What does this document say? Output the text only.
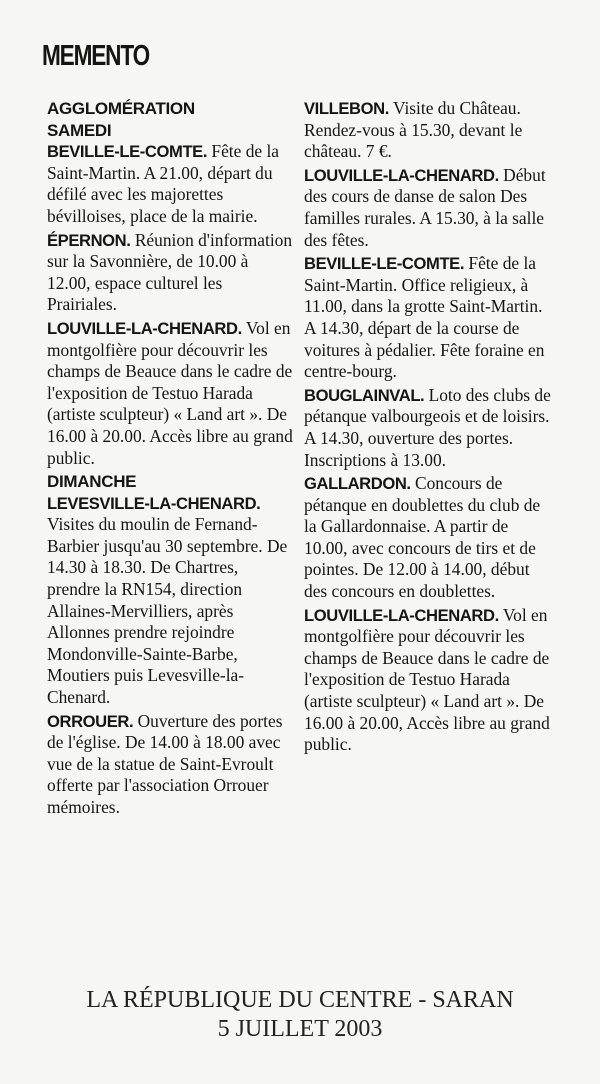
MEMENTO
AGGLOMÉRATION
SAMEDI
BEVILLE-LE-COMTE. Fête de la Saint-Martin. A 21.00, départ du défilé avec les majorettes bévilloises, place de la mairie.
ÉPERNON. Réunion d'information sur la Savonnière, de 10.00 à 12.00, espace culturel les Prairiales.
LOUVILLE-LA-CHENARD. Vol en montgolfière pour découvrir les champs de Beauce dans le cadre de l'exposition de Testuo Harada (artiste sculpteur) « Land art ». De 16.00 à 20.00. Accès libre au grand public.
DIMANCHE
LEVESVILLE-LA-CHENARD. Visites du moulin de Fernand-Barbier jusqu'au 30 septembre. De 14.30 à 18.30. De Chartres, prendre la RN154, direction Allaines-Mervilliers, après Allonnes prendre rejoindre Mondonville-Sainte-Barbe, Moutiers puis Levesville-la-Chenard.
ORROUER. Ouverture des portes de l'église. De 14.00 à 18.00 avec vue de la statue de Saint-Evroult offerte par l'association Orrouer mémoires.
VILLEBON. Visite du Château. Rendez-vous à 15.30, devant le château. 7 €.
LOUVILLE-LA-CHENARD. Début des cours de danse de salon Des familles rurales. A 15.30, à la salle des fêtes.
BEVILLE-LE-COMTE. Fête de la Saint-Martin. Office religieux, à 11.00, dans la grotte Saint-Martin. A 14.30, départ de la course de voitures à pédalier. Fête foraine en centre-bourg.
BOUGLAINVAL. Loto des clubs de pétanque valbourgeois et de loisirs. A 14.30, ouverture des portes. Inscriptions à 13.00.
GALLARDON. Concours de pétanque en doublettes du club de la Gallardonnaise. A partir de 10.00, avec concours de tirs et de pointes. De 12.00 à 14.00, début des concours en doublettes.
LOUVILLE-LA-CHENARD. Vol en montgolfière pour découvrir les champs de Beauce dans le cadre de l'exposition de Testuo Harada (artiste sculpteur) « Land art ». De 16.00 à 20.00, Accès libre au grand public.
LA RÉPUBLIQUE DU CENTRE - SARAN
5 JUILLET 2003
